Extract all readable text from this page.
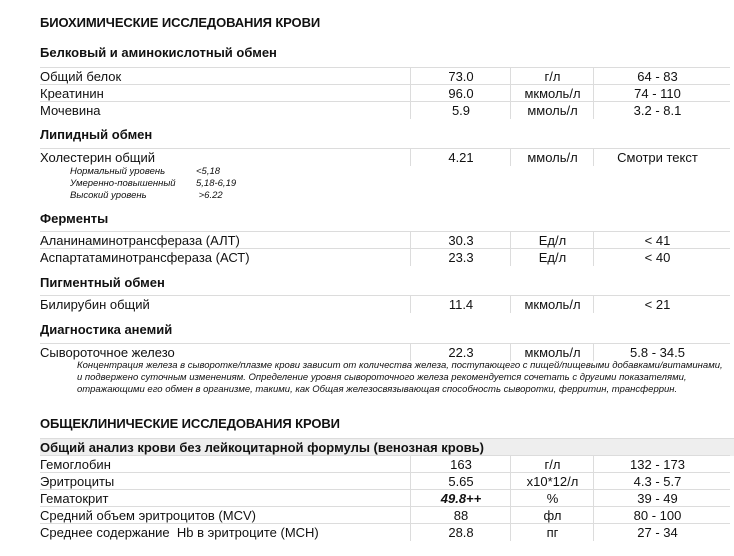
БИОХИМИЧЕСКИЕ ИССЛЕДОВАНИЯ КРОВИ
Белковый и аминокислотный обмен
Общий белок	73.0	г/л	64 - 83
Креатинин	96.0	мкмоль/л	74 - 110
Мочевина	5.9	ммоль/л	3.2 - 8.1
Липидный обмен
Холестерин общий	4.21	ммоль/л	Смотри текст
Нормальный уровень	<5,18
Умеренно-повышенный 5,18-6,19
Высокий уровень	>6.22
Ферменты
Аланинаминотрансфераза (АЛТ)	30.3	Ед/л	< 41
Аспартатаминотрансфераза (АСТ)	23.3	Ед/л	< 40
Пигментный обмен
Билирубин общий	11.4	мкмоль/л	< 21
Диагностика анемий
Сывороточное железо	22.3	мкмоль/л	5.8 - 34.5
Концентрация железа в сыворотке/плазме крови зависит от количества железа, поступающего с пищей/пищевыми добавками/витаминами, и подвержено суточным изменениям. Определение уровня сывороточного железа рекомендуется сочетать с другими показателями, отражающими его обмен в организме, такими, как Общая железосвязывающая способность сыворотки, ферритин, трансферрин.
ОБЩЕКЛИНИЧЕСКИЕ ИССЛЕДОВАНИЯ КРОВИ
Общий анализ крови без лейкоцитарной формулы (венозная кровь)
Гемоглобин	163	г/л	132 - 173
Эритроциты	5.65	x10*12/л	4.3 - 5.7
Гематокрит	49.8++	%	39 - 49
Средний объем эритроцитов (MCV)	88	фл	80 - 100
Среднее содержание  Hb в эритроците (MCH)	28.8	пг	27 - 34
